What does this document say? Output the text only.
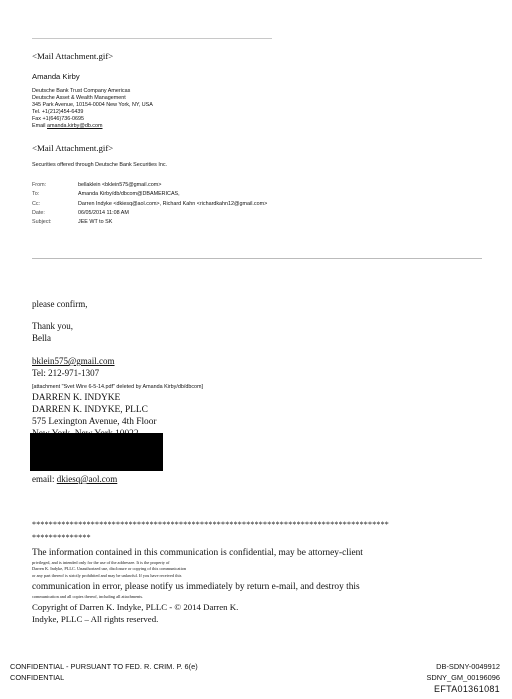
<Mail Attachment.gif>
Amanda Kirby
Deutsche Bank Trust Company Americas
Deutsche Asset & Wealth Management
345 Park Avenue, 10154-0004 New York, NY, USA
Tel. +1(212)454-6439
Fax +1(646)736-0695
Email amanda.kirby@db.com
<Mail Attachment.gif>
Securities offered through Deutsche Bank Securities Inc.
From:	bellaklein <bklein575@gmail.com>
To:	Amanda Kirby/db/dbcom@DBAMERICAS,
Cc:	Darren Indyke <dkiesq@aol.com>, Richard Kahn <richardkahn12@gmail.com>
Date:	06/05/2014 11:08 AM
Subject:	JEE WT to SK
please confirm,
Thank you,
Bella
bklein575@gmail.com
Tel: 212-971-1307
[attachment "Svet Wire 6-5-14.pdf" deleted by Amanda Kirby/db/dbcom]
DARREN K. INDYKE
DARREN K. INDYKE, PLLC
575 Lexington Avenue, 4th Floor
email: dkiesq@aol.com
*************************************************************************************
**************
The information contained in this communication is confidential, may be attorney-client
privileged, and is intended only for the use of the addressee. It is the property of
Darren K. Indyke, PLLC. Unauthorized use, disclosure or copying of this communication
or any part thereof is strictly prohibited and may be unlawful. If you have received this
communication in error, please notify us immediately by return e-mail, and destroy this
communication and all copies thereof, including all attachments.
Copyright of Darren K. Indyke, PLLC - © 2014 Darren K.
Indyke, PLLC – All rights reserved.
CONFIDENTIAL - PURSUANT TO FED. R. CRIM. P. 6(e)
CONFIDENTIAL
DB-SDNY-0049912
SDNY_GM_00196096
EFTA01361081
